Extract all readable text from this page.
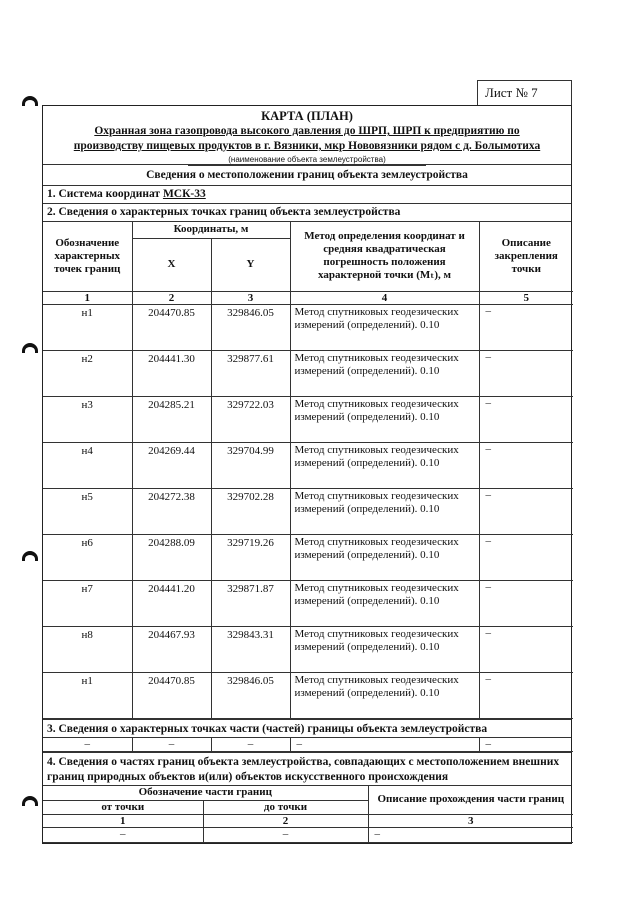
Лист № 7
КАРТА (ПЛАН)
Охранная зона газопровода высокого давления до ШРП, ШРП к предприятию по
производству пищевых продуктов в г. Вязники, мкр Нововязники рядом с д. Болымотиха
(наименование объекта землеустройства)
Сведения о местоположении границ объекта землеустройства
1. Система координат МСК-33
2. Сведения о характерных точках границ объекта землеустройства
Обозначение характерных точек границ	Координаты, м		Метод определения координат и средняя квадратическая погрешность положения характерной точки (Mₜ), м	Описание закрепления точки
	X	Y		
1	2	3	4	5
н1	204470.85	329846.05	Метод спутниковых геодезических измерений (определений). 0.10	–
н2	204441.30	329877.61	Метод спутниковых геодезических измерений (определений). 0.10	–
н3	204285.21	329722.03	Метод спутниковых геодезических измерений (определений). 0.10	–
н4	204269.44	329704.99	Метод спутниковых геодезических измерений (определений). 0.10	–
н5	204272.38	329702.28	Метод спутниковых геодезических измерений (определений). 0.10	–
н6	204288.09	329719.26	Метод спутниковых геодезических измерений (определений). 0.10	–
н7	204441.20	329871.87	Метод спутниковых геодезических измерений (определений). 0.10	–
н8	204467.93	329843.31	Метод спутниковых геодезических измерений (определений). 0.10	–
н1	204470.85	329846.05	Метод спутниковых геодезических измерений (определений). 0.10	–
3. Сведения о характерных точках части (частей) границы объекта землеустройства
–	–	–	–	–
4. Сведения о частях границ объекта землеустройства, совпадающих с местоположением внешних границ природных объектов и(или) объектов искусственного происхождения
Обозначение части границ		Описание прохождения части границ
от точки	до точки	
1	2	3
–	–	–
